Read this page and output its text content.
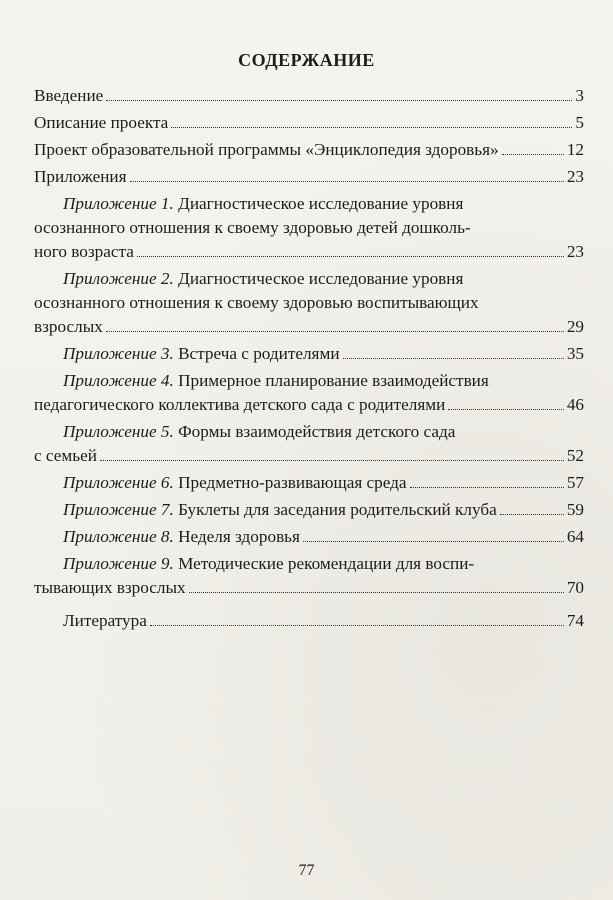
СОДЕРЖАНИЕ
Введение	3
Описание проекта	5
Проект образовательной программы «Энциклопедия здоровья»	12
Приложения	23
Приложение 1. Диагностическое исследование уровня
осознанного отношения к своему здоровью детей дошколь-
ного возраста	23
Приложение 2. Диагностическое исследование уровня
осознанного отношения к своему здоровью воспитывающих
взрослых	29
Приложение 3. Встреча с родителями	35
Приложение 4. Примерное планирование взаимодействия
педагогического коллектива детского сада с родителями	46
Приложение 5. Формы взаимодействия детского сада
с семьей	52
Приложение 6. Предметно-развивающая среда	57
Приложение 7. Буклеты для заседания родительский клуба	59
Приложение 8. Неделя здоровья	64
Приложение 9. Методические рекомендации для воспи-
тывающих взрослых	70
Литература	74
77
